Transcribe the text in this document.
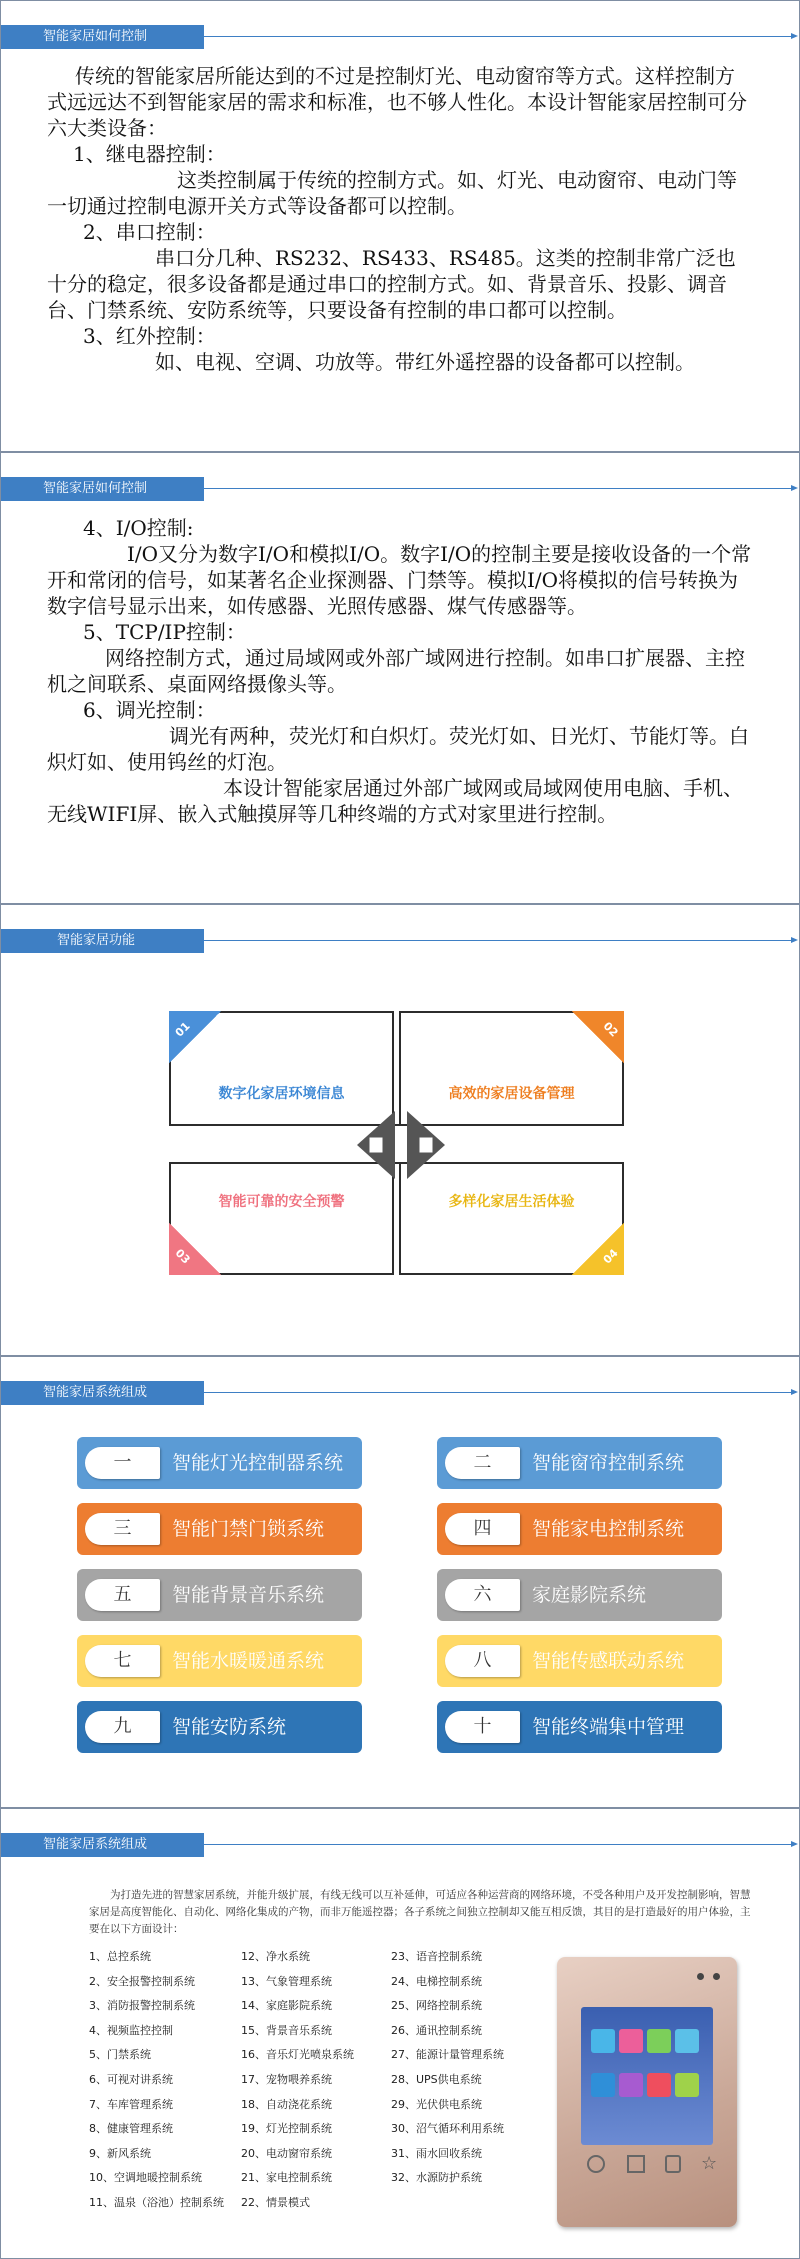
智能家居如何控制

传统的智能家居所能达到的不过是控制灯光、电动窗帘等方式。这样控制方式远远达不到智能家居的需求和标准，也不够人性化。本设计智能家居控制可分六大类设备：

1、继电器控制：

这类控制属于传统的控制方式。如、灯光、电动窗帘、电动门等一切通过控制电源开关方式等设备都可以控制。

2、串口控制：

串口分几种、RS232、RS433、RS485。这类的控制非常广泛也十分的稳定，很多设备都是通过串口的控制方式。如、背景音乐、投影、调音台、门禁系统、安防系统等，只要设备有控制的串口都可以控制。

3、红外控制：

如、电视、空调、功放等。带红外遥控器的设备都可以控制。

智能家居如何控制

4、I/O控制:

I/O又分为数字I/O和模拟I/O。数字I/O的控制主要是接收设备的一个常开和常闭的信号，如某著名企业探测器、门禁等。模拟I/O将模拟的信号转换为数字信号显示出来，如传感器、光照传感器、煤气传感器等。

5、TCP/IP控制：

网络控制方式，通过局域网或外部广域网进行控制。如串口扩展器、主控机之间联系、桌面网络摄像头等。

6、调光控制：

调光有两种，荧光灯和白炽灯。荧光灯如、日光灯、节能灯等。白炽灯如、使用钨丝的灯泡。

本设计智能家居通过外部广域网或局域网使用电脑、手机、无线WIFI屏、嵌入式触摸屏等几种终端的方式对家里进行控制。

智能家居功能
01
数字化家居环境信息
02
高效的家居设备管理
03
智能可靠的安全预警
04
多样化家居生活体验
智能家居系统组成
一	智能灯光控制器系统	二	智能窗帘控制系统
三	智能门禁门锁系统	四	智能家电控制系统
五	智能背景音乐系统	六	家庭影院系统
七	智能水暖暖通系统	八	智能传感联动系统
九	智能安防系统	十	智能终端集中管理
智能家居系统组成
为打造先进的智慧家居系统，并能升级扩展，有线无线可以互补延伸，可适应各种运营商的网络环境，不受各种用户及开发控制影响，智慧家居是高度智能化、自动化、网络化集成的产物，而非万能遥控器；各子系统之间独立控制却又能互相反馈，其目的是打造最好的用户体验，主要在以下方面设计：
1、总控系统
2、安全报警控制系统
3、消防报警控制系统
4、视频监控控制
5、门禁系统
6、可视对讲系统
7、车库管理系统
8、健康管理系统
9、新风系统
10、空调地暖控制系统
11、温泉（浴池）控制系统
12、净水系统
13、气象管理系统
14、家庭影院系统
15、背景音乐系统
16、音乐灯光喷泉系统
17、宠物喂养系统
18、自动浇花系统
19、灯光控制系统
20、电动窗帘系统
21、家电控制系统
22、情景模式
23、语音控制系统
24、电梯控制系统
25、网络控制系统
26、通讯控制系统
27、能源计量管理系统
28、UPS供电系统
29、光伏供电系统
30、沼气循环利用系统
31、雨水回收系统
32、水源防护系统
☆
